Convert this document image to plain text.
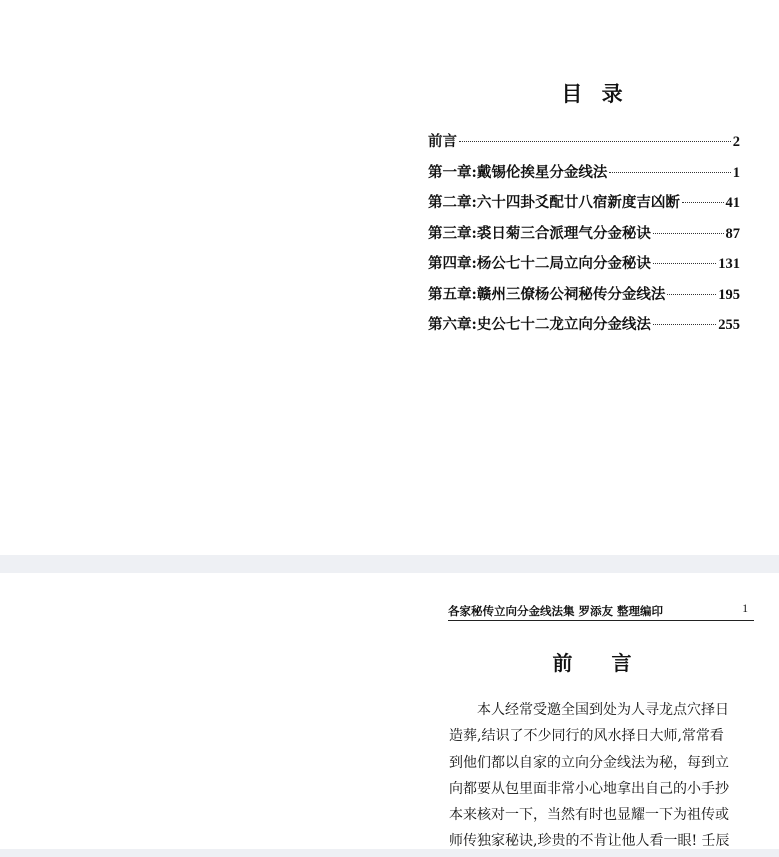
目 录
前言	2
第一章:戴锡伦挨星分金线法	1
第二章:六十四卦爻配廿八宿新度吉凶断	41
第三章:裘日菊三合派理气分金秘诀	87
第四章:杨公七十二局立向分金秘诀	131
第五章:赣州三僚杨公祠秘传分金线法	195
第六章:史公七十二龙立向分金线法	255
各家秘传立向分金线法集 罗添友 整理编印	1
前 言

本人经常受邀全国到处为人寻龙点穴择日
造葬,结识了不少同行的风水择日大师,常常看
到他们都以自家的立向分金线法为秘，每到立
向都要从包里面非常小心地拿出自己的小手抄
本来核对一下，当然有时也显耀一下为祖传或
师传独家秘诀,珍贵的不肯让他人看一眼! 壬辰
